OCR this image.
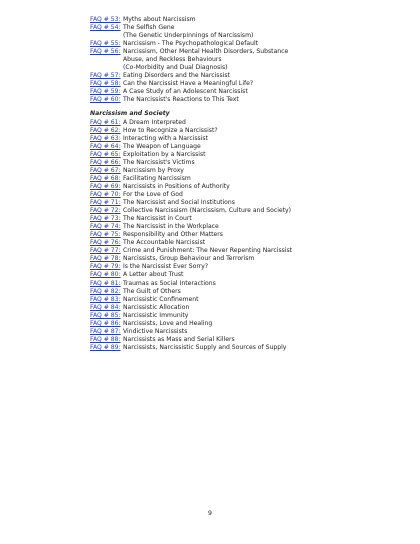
FAQ # 53: Myths about Narcissism
FAQ # 54: The Selfish Gene
(The Genetic Underpinnings of Narcissism)
FAQ # 55: Narcissism - The Psychopathological Default
FAQ # 56: Narcissism, Other Mental Health Disorders, Substance
Abuse, and Reckless Behaviours
(Co-Morbidity and Dual Diagnosis)
FAQ # 57: Eating Disorders and the Narcissist
FAQ # 58: Can the Narcissist Have a Meaningful Life?
FAQ # 59: A Case Study of an Adolescent Narcissist
FAQ # 60: The Narcissist's Reactions to This Text
Narcissism and Society
FAQ # 61: A Dream Interpreted
FAQ # 62: How to Recognize a Narcissist?
FAQ # 63: Interacting with a Narcissist
FAQ # 64: The Weapon of Language
FAQ # 65: Exploitation by a Narcissist
FAQ # 66: The Narcissist's Victims
FAQ # 67: Narcissism by Proxy
FAQ # 68: Facilitating Narcissism
FAQ # 69: Narcissists in Positions of Authority
FAQ # 70: For the Love of God
FAQ # 71: The Narcissist and Social Institutions
FAQ # 72: Collective Narcissism (Narcissism, Culture and Society)
FAQ # 73: The Narcissist in Court
FAQ # 74: The Narcissist in the Workplace
FAQ # 75: Responsibility and Other Matters
FAQ # 76: The Accountable Narcissist
FAQ # 77: Crime and Punishment: The Never Repenting Narcissist
FAQ # 78: Narcissists, Group Behaviour and Terrorism
FAQ # 79: Is the Narcissist Ever Sorry?
FAQ # 80: A Letter about Trust
FAQ # 81: Traumas as Social Interactions
FAQ # 82: The Guilt of Others
FAQ # 83: Narcissistic Confinement
FAQ # 84: Narcissistic Allocation
FAQ # 85: Narcissistic Immunity
FAQ # 86: Narcissists, Love and Healing
FAQ # 87: Vindictive Narcissists
FAQ # 88: Narcissists as Mass and Serial Killers
FAQ # 89: Narcissists, Narcissistic Supply and Sources of Supply
9
